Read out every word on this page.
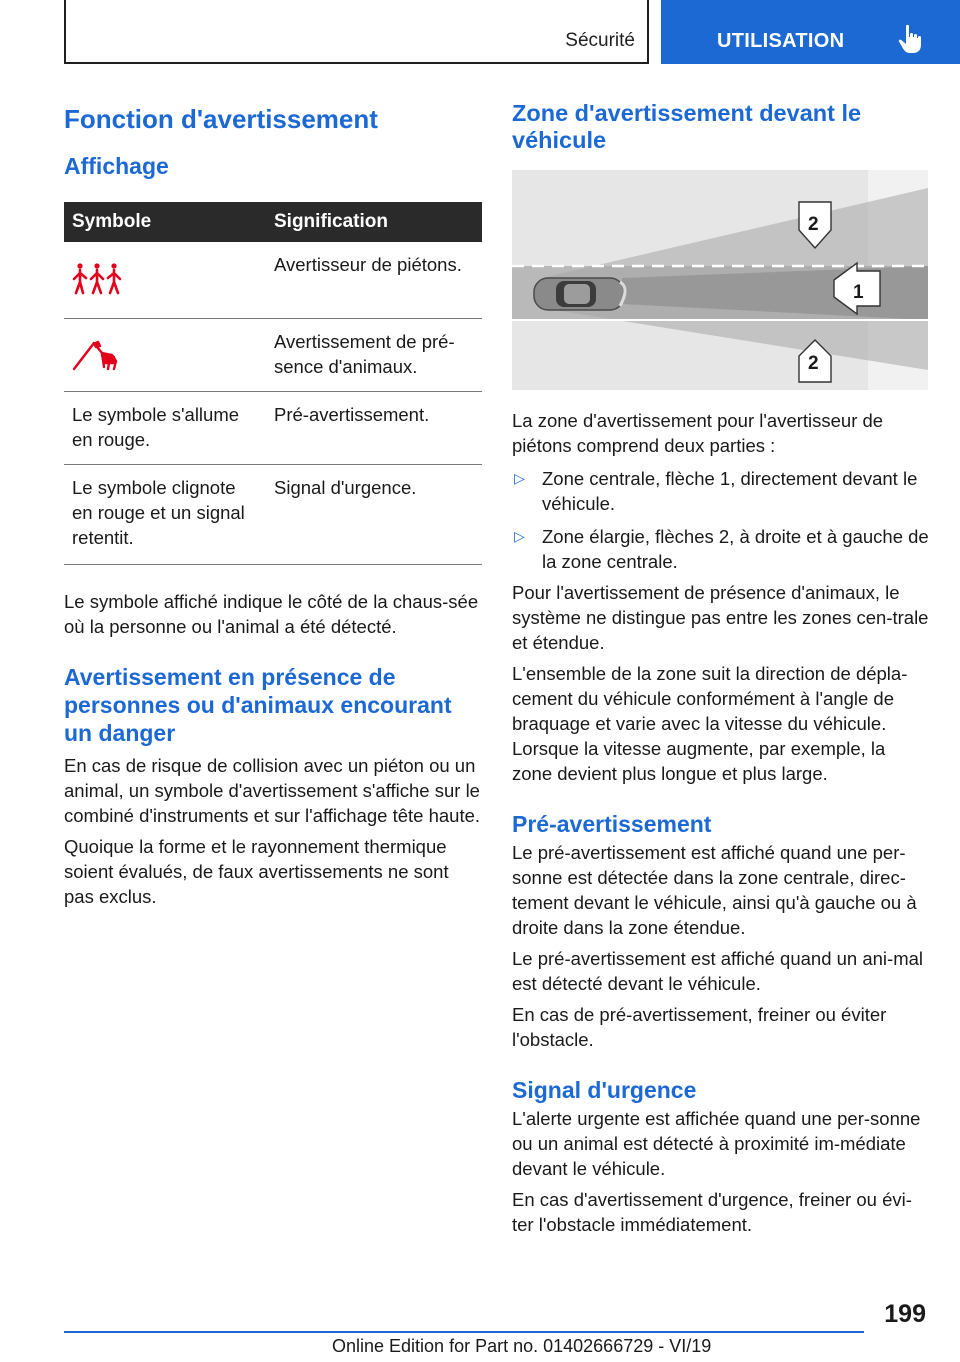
Sécurité	UTILISATION
Fonction d'avertissement
Affichage
Symbole	Signification
	Avertisseur de piétons.
	Avertissement de pré-sence d'animaux.
Le symbole s'allume en rouge.	Pré-avertissement.
Le symbole clignote en rouge et un signal retentit.	Signal d'urgence.

Le symbole affiché indique le côté de la chaus-sée où la personne ou l'animal a été détecté.

Avertissement en présence de personnes ou d'animaux encourant un danger

En cas de risque de collision avec un piéton ou un animal, un symbole d'avertissement s'affiche sur le combiné d'instruments et sur l'affichage tête haute.

Quoique la forme et le rayonnement thermique soient évalués, de faux avertissements ne sont pas exclus.

Zone d'avertissement devant le véhicule
1
2
2

La zone d'avertissement pour l'avertisseur de piétons comprend deux parties :

▷ Zone centrale, flèche 1, directement devant le véhicule.
▷ Zone élargie, flèches 2, à droite et à gauche de la zone centrale.

Pour l'avertissement de présence d'animaux, le système ne distingue pas entre les zones cen-trale et étendue.

L'ensemble de la zone suit la direction de dépla-cement du véhicule conformément à l'angle de braquage et varie avec la vitesse du véhicule. Lorsque la vitesse augmente, par exemple, la zone devient plus longue et plus large.

Pré-avertissement

Le pré-avertissement est affiché quand une per-sonne est détectée dans la zone centrale, direc-tement devant le véhicule, ainsi qu'à gauche ou à droite dans la zone étendue.

Le pré-avertissement est affiché quand un ani-mal est détecté devant le véhicule.

En cas de pré-avertissement, freiner ou éviter l'obstacle.

Signal d'urgence

L'alerte urgente est affichée quand une per-sonne ou un animal est détecté à proximité im-médiate devant le véhicule.

En cas d'avertissement d'urgence, freiner ou évi-ter l'obstacle immédiatement.

199
Online Edition for Part no. 01402666729 - VI/19
